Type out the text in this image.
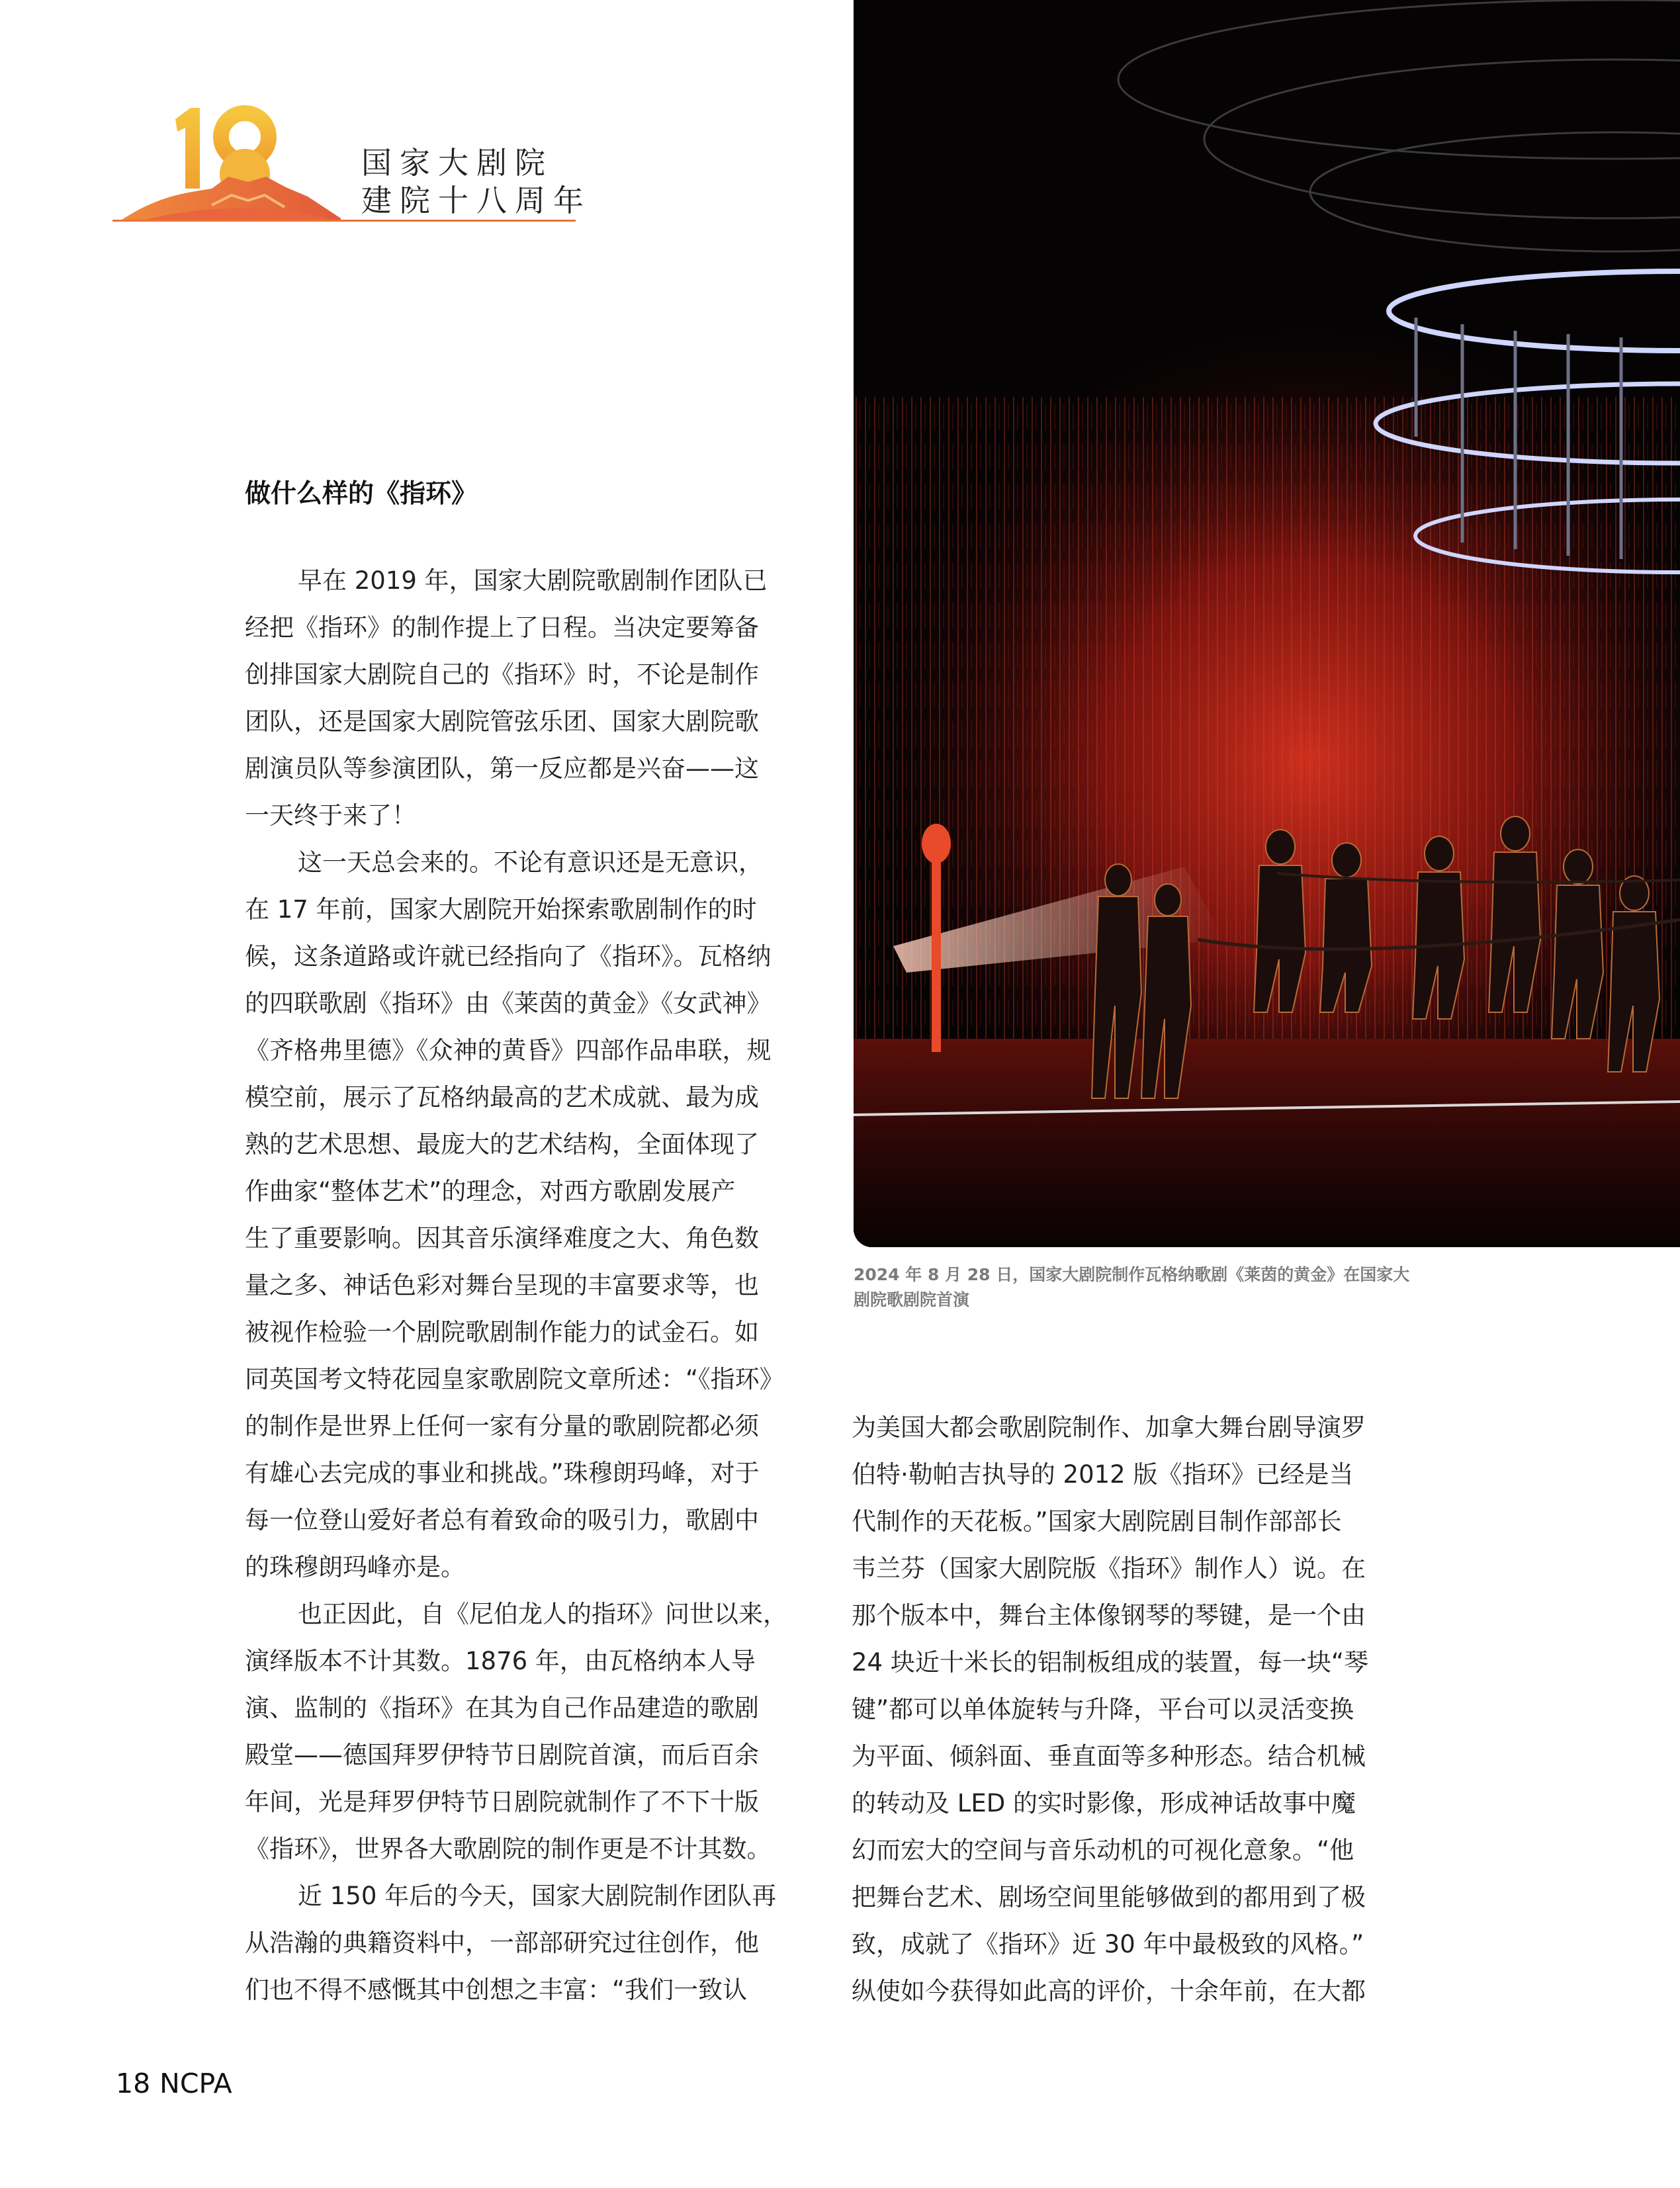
国家大剧院
建院十八周年
2024 年 8 月 28 日，国家大剧院制作瓦格纳歌剧《莱茵的黄金》在国家大
剧院歌剧院首演
做什么样的《指环》
早在 2019 年，国家大剧院歌剧制作团队已
经把《指环》的制作提上了日程。当决定要筹备
创排国家大剧院自己的《指环》时，不论是制作
团队，还是国家大剧院管弦乐团、国家大剧院歌
剧演员队等参演团队，第一反应都是兴奋——这
一天终于来了！
这一天总会来的。不论有意识还是无意识，
在 17 年前，国家大剧院开始探索歌剧制作的时
候，这条道路或许就已经指向了《指环》。瓦格纳
的四联歌剧《指环》由《莱茵的黄金》《女武神》
《齐格弗里德》《众神的黄昏》四部作品串联，规
模空前，展示了瓦格纳最高的艺术成就、最为成
熟的艺术思想、最庞大的艺术结构，全面体现了
作曲家“整体艺术”的理念，对西方歌剧发展产
生了重要影响。因其音乐演绎难度之大、角色数
量之多、神话色彩对舞台呈现的丰富要求等，也
被视作检验一个剧院歌剧制作能力的试金石。如
同英国考文特花园皇家歌剧院文章所述：“《指环》
的制作是世界上任何一家有分量的歌剧院都必须
有雄心去完成的事业和挑战。”珠穆朗玛峰，对于
每一位登山爱好者总有着致命的吸引力，歌剧中
的珠穆朗玛峰亦是。
也正因此，自《尼伯龙人的指环》问世以来，
演绎版本不计其数。1876 年，由瓦格纳本人导
演、监制的《指环》在其为自己作品建造的歌剧
殿堂——德国拜罗伊特节日剧院首演，而后百余
年间，光是拜罗伊特节日剧院就制作了不下十版
《指环》，世界各大歌剧院的制作更是不计其数。
近 150 年后的今天，国家大剧院制作团队再
从浩瀚的典籍资料中，一部部研究过往创作，他
们也不得不感慨其中创想之丰富：“我们一致认
为美国大都会歌剧院制作、加拿大舞台剧导演罗
伯特·勒帕吉执导的 2012 版《指环》已经是当
代制作的天花板。”国家大剧院剧目制作部部长
韦兰芬（国家大剧院版《指环》制作人）说。在
那个版本中，舞台主体像钢琴的琴键，是一个由
24 块近十米长的铝制板组成的装置，每一块“琴
键”都可以单体旋转与升降，平台可以灵活变换
为平面、倾斜面、垂直面等多种形态。结合机械
的转动及 LED 的实时影像，形成神话故事中魔
幻而宏大的空间与音乐动机的可视化意象。“他
把舞台艺术、剧场空间里能够做到的都用到了极
致，成就了《指环》近 30 年中最极致的风格。”
纵使如今获得如此高的评价，十余年前，在大都
18 NCPA
